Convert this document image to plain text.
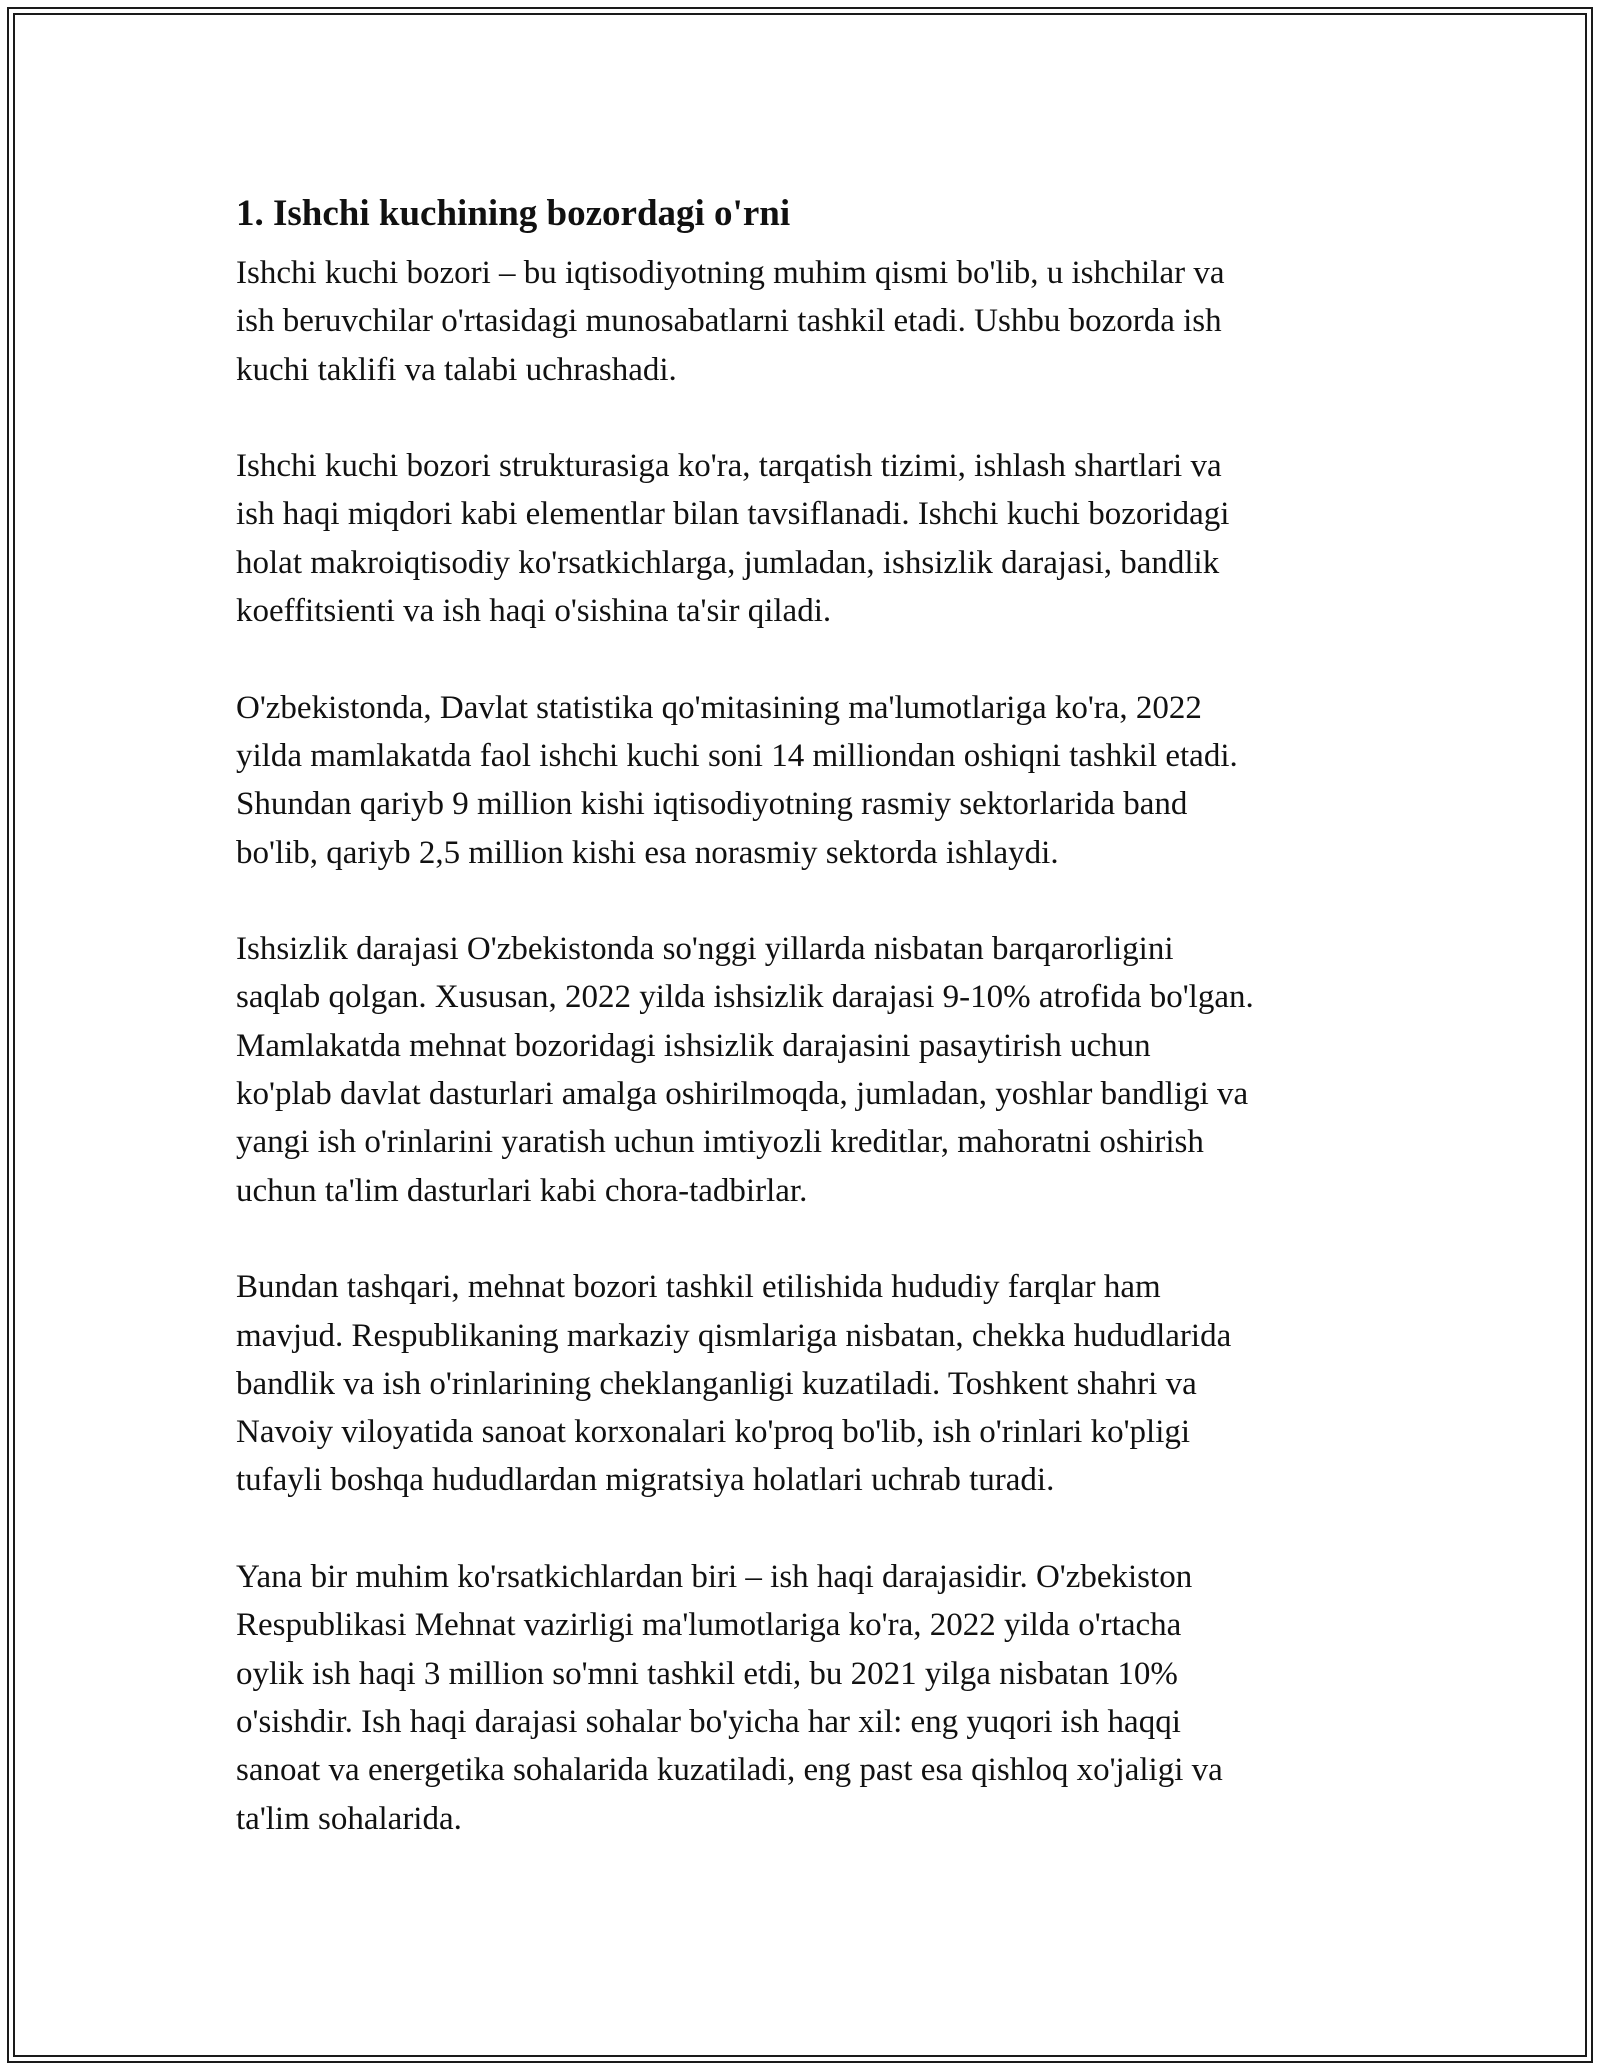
1. Ishchi kuchining bozordagi o'rni

Ishchi kuchi bozori – bu iqtisodiyotning muhim qismi bo'lib, u ishchilar va
ish beruvchilar o'rtasidagi munosabatlarni tashkil etadi. Ushbu bozorda ish
kuchi taklifi va talabi uchrashadi.

Ishchi kuchi bozori strukturasiga ko'ra, tarqatish tizimi, ishlash shartlari va
ish haqi miqdori kabi elementlar bilan tavsiflanadi. Ishchi kuchi bozoridagi
holat makroiqtisodiy ko'rsatkichlarga, jumladan, ishsizlik darajasi, bandlik
koeffitsienti va ish haqi o'sishina ta'sir qiladi.

O'zbekistonda, Davlat statistika qo'mitasining ma'lumotlariga ko'ra, 2022
yilda mamlakatda faol ishchi kuchi soni 14 milliondan oshiqni tashkil etadi.
Shundan qariyb 9 million kishi iqtisodiyotning rasmiy sektorlarida band
bo'lib, qariyb 2,5 million kishi esa norasmiy sektorda ishlaydi.

Ishsizlik darajasi O'zbekistonda so'nggi yillarda nisbatan barqarorligini
saqlab qolgan. Xususan, 2022 yilda ishsizlik darajasi 9-10% atrofida bo'lgan.
Mamlakatda mehnat bozoridagi ishsizlik darajasini pasaytirish uchun
ko'plab davlat dasturlari amalga oshirilmoqda, jumladan, yoshlar bandligi va
yangi ish o'rinlarini yaratish uchun imtiyozli kreditlar, mahoratni oshirish
uchun ta'lim dasturlari kabi chora-tadbirlar.

Bundan tashqari, mehnat bozori tashkil etilishida hududiy farqlar ham
mavjud. Respublikaning markaziy qismlariga nisbatan, chekka hududlarida
bandlik va ish o'rinlarining cheklanganligi kuzatiladi. Toshkent shahri va
Navoiy viloyatida sanoat korxonalari ko'proq bo'lib, ish o'rinlari ko'pligi
tufayli boshqa hududlardan migratsiya holatlari uchrab turadi.

Yana bir muhim ko'rsatkichlardan biri – ish haqi darajasidir. O'zbekiston
Respublikasi Mehnat vazirligi ma'lumotlariga ko'ra, 2022 yilda o'rtacha
oylik ish haqi 3 million so'mni tashkil etdi, bu 2021 yilga nisbatan 10%
o'sishdir. Ish haqi darajasi sohalar bo'yicha har xil: eng yuqori ish haqqi
sanoat va energetika sohalarida kuzatiladi, eng past esa qishloq xo'jaligi va
ta'lim sohalarida.
